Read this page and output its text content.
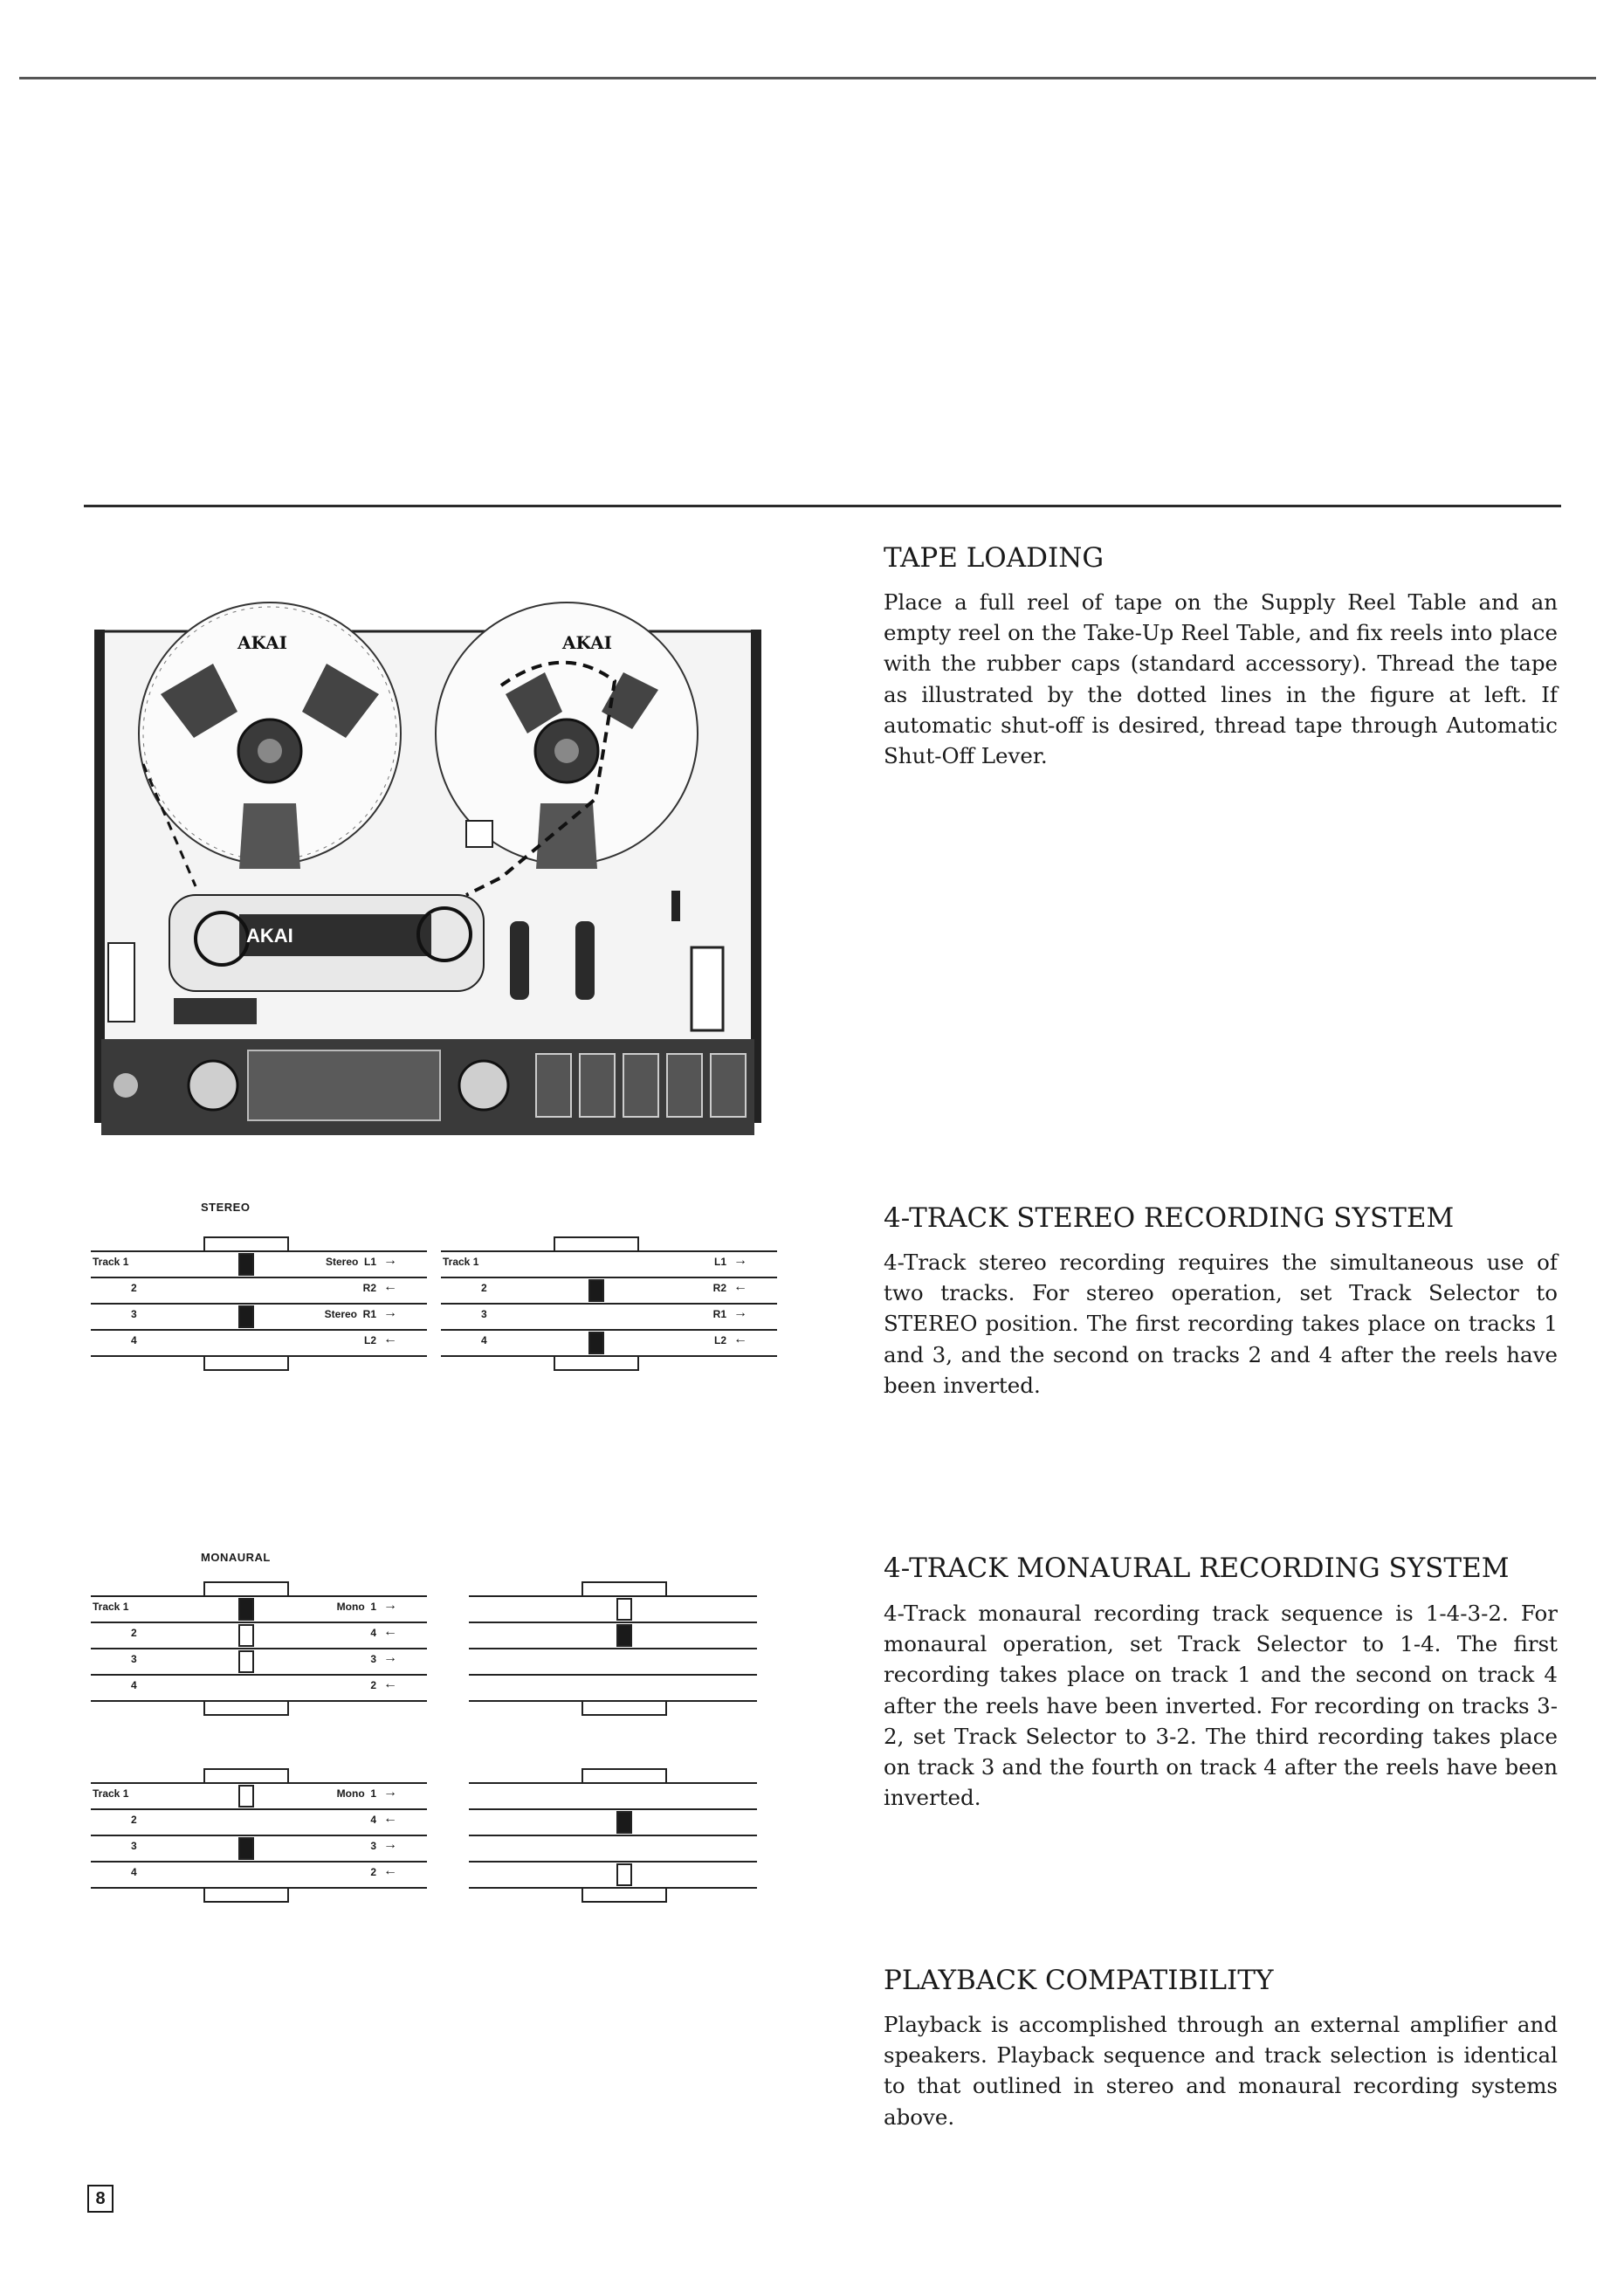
AKAI	AKAI
AKAI
TAPE LOADING

Place a full reel of tape on the Supply Reel Table and an empty reel on the Take-Up Reel Table, and fix reels into place with the rubber caps (standard accessory). Thread the tape as illustrated by the dotted lines in the figure at left. If automatic shut-off is desired, thread tape through Automatic Shut-Off Lever.

4-TRACK STEREO RECORDING SYSTEM

4-Track stereo recording requires the simultaneous use of two tracks. For stereo operation, set Track Selector to STEREO position. The first recording takes place on tracks 1 and 3, and the second on tracks 2 and 4 after the reels have been inverted.

4-TRACK MONAURAL RECORDING SYSTEM

4-Track monaural recording track sequence is 1-4-3-2. For monaural operation, set Track Selector to 1-4. The first recording takes place on track 1 and the second on track 4 after the reels have been inverted. For recording on tracks 3-2, set Track Selector to 3-2. The third recording takes place on track 3 and the fourth on track 4 after the reels have been inverted.

PLAYBACK COMPATIBILITY

Playback is accomplished through an external amplifier and speakers. Playback sequence and track selection is identical to that outlined in stereo and monaural recording systems above.

STEREO
MONAURAL
Track 1
2
3
4
Stereo  L1 →
R2 ←
Stereo  R1 →
L2 ←
Track 1
2
3
4
L1 →
R2 ←
R1 →
L2 ←
Track 1
2
3
4
Mono  1 →
4 ←
3 →
2 ←
Track 1
2
3
4
Mono  1 →
4 ←
3 →
2 ←
8
